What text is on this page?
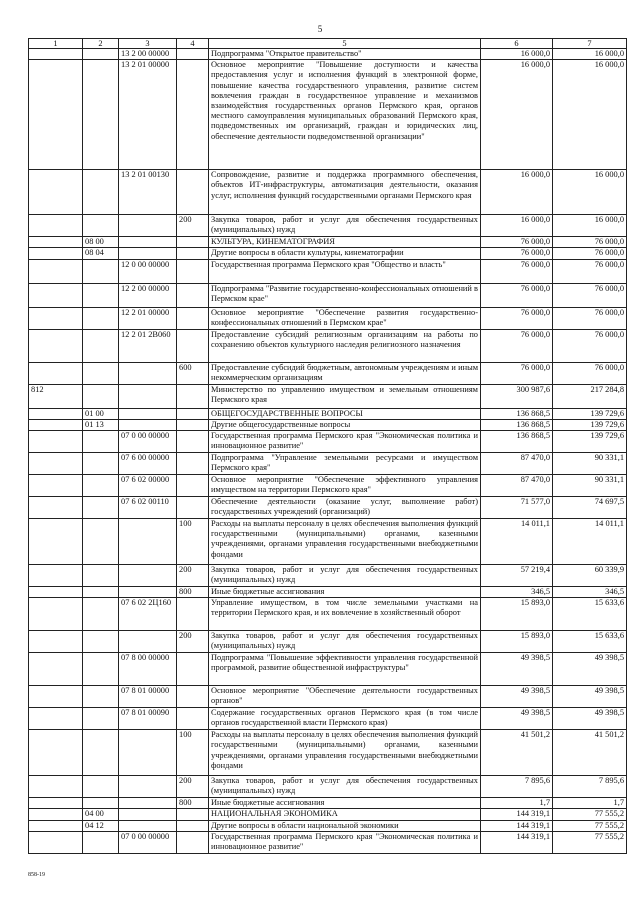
5
1	2	3	4	5	6	7
		13 2 00 00000		Подпрограмма "Открытое правительство"	16 000,0	16 000,0
		13 2 01 00000		Основное мероприятие "Повышение доступности и качества предоставления услуг и исполнения функций в электронной форме, повышение качества государственного управления, развитие систем вовлечения граждан в государственное управление и механизмов взаимодействия государственных органов Пермского края, органов местного самоуправления муниципальных образований Пермского края, подведомственных им организаций, граждан и юридических лиц, обеспечение деятельности подведомственной организации"	16 000,0	16 000,0
		13 2 01 00130		Сопровождение, развитие и поддержка программного обеспечения, объектов ИТ-инфраструктуры, автоматизация деятельности, оказания услуг, исполнения функций государственными органами Пермского края	16 000,0	16 000,0
			200	Закупка товаров, работ и услуг для обеспечения государственных (муниципальных) нужд	16 000,0	16 000,0
	08 00			КУЛЬТУРА, КИНЕМАТОГРАФИЯ	76 000,0	76 000,0
	08 04			Другие вопросы в области культуры, кинематографии	76 000,0	76 000,0
		12 0 00 00000		Государственная программа Пермского края "Общество и власть"	76 000,0	76 000,0
		12 2 00 00000		Подпрограмма "Развитие государственно-конфессиональных отношений в Пермском крае"	76 000,0	76 000,0
		12 2 01 00000		Основное мероприятие "Обеспечение развития государственно-конфессиональных отношений в Пермском крае"	76 000,0	76 000,0
		12 2 01 2В060		Предоставление субсидий религиозным организациям на работы по сохранению объектов культурного наследия религиозного назначения	76 000,0	76 000,0
			600	Предоставление субсидий бюджетным, автономным учреждениям и иным некоммерческим организациям	76 000,0	76 000,0
812				Министерство по управлению имуществом и земельным отношениям Пермского края	300 987,6	217 284,8
	01 00			ОБЩЕГОСУДАРСТВЕННЫЕ ВОПРОСЫ	136 868,5	139 729,6
	01 13			Другие общегосударственные вопросы	136 868,5	139 729,6
		07 0 00 00000		Государственная программа Пермского края "Экономическая политика и инновационное развитие"	136 868,5	139 729,6
		07 6 00 00000		Подпрограмма "Управление земельными ресурсами и имуществом Пермского края"	87 470,0	90 331,1
		07 6 02 00000		Основное мероприятие "Обеспечение эффективного управления имуществом на территории Пермского края"	87 470,0	90 331,1
		07 6 02 00110		Обеспечение деятельности (оказание услуг, выполнение работ) государственных учреждений (организаций)	71 577,0	74 697,5
			100	Расходы на выплаты персоналу в целях обеспечения выполнения функций государственными (муниципальными) органами, казенными учреждениями, органами управления государственными внебюджетными фондами	14 011,1	14 011,1
			200	Закупка товаров, работ и услуг для обеспечения государственных (муниципальных) нужд	57 219,4	60 339,9
			800	Иные бюджетные ассигнования	346,5	346,5
		07 6 02 2Ц160		Управление имуществом, в том числе земельными участками на территории Пермского края, и их вовлечение в хозяйственный оборот	15 893,0	15 633,6
			200	Закупка товаров, работ и услуг для обеспечения государственных (муниципальных) нужд	15 893,0	15 633,6
		07 8 00 00000		Подпрограмма "Повышение эффективности управления государственной программой, развитие общественной инфраструктуры"	49 398,5	49 398,5
		07 8 01 00000		Основное мероприятие "Обеспечение деятельности государственных органов"	49 398,5	49 398,5
		07 8 01 00090		Содержание государственных органов Пермского края (в том числе органов государственной власти Пермского края)	49 398,5	49 398,5
			100	Расходы на выплаты персоналу в целях обеспечения выполнения функций государственными (муниципальными) органами, казенными учреждениями, органами управления государственными внебюджетными фондами	41 501,2	41 501,2
			200	Закупка товаров, работ и услуг для обеспечения государственных (муниципальных) нужд	7 895,6	7 895,6
			800	Иные бюджетные ассигнования	1,7	1,7
	04 00			НАЦИОНАЛЬНАЯ ЭКОНОМИКА	144 319,1	77 555,2
	04 12			Другие вопросы в области национальной экономики	144 319,1	77 555,2
		07 0 00 00000		Государственная программа Пермского края "Экономическая политика и инновационное развитие"	144 319,1	77 555,2
858-19
